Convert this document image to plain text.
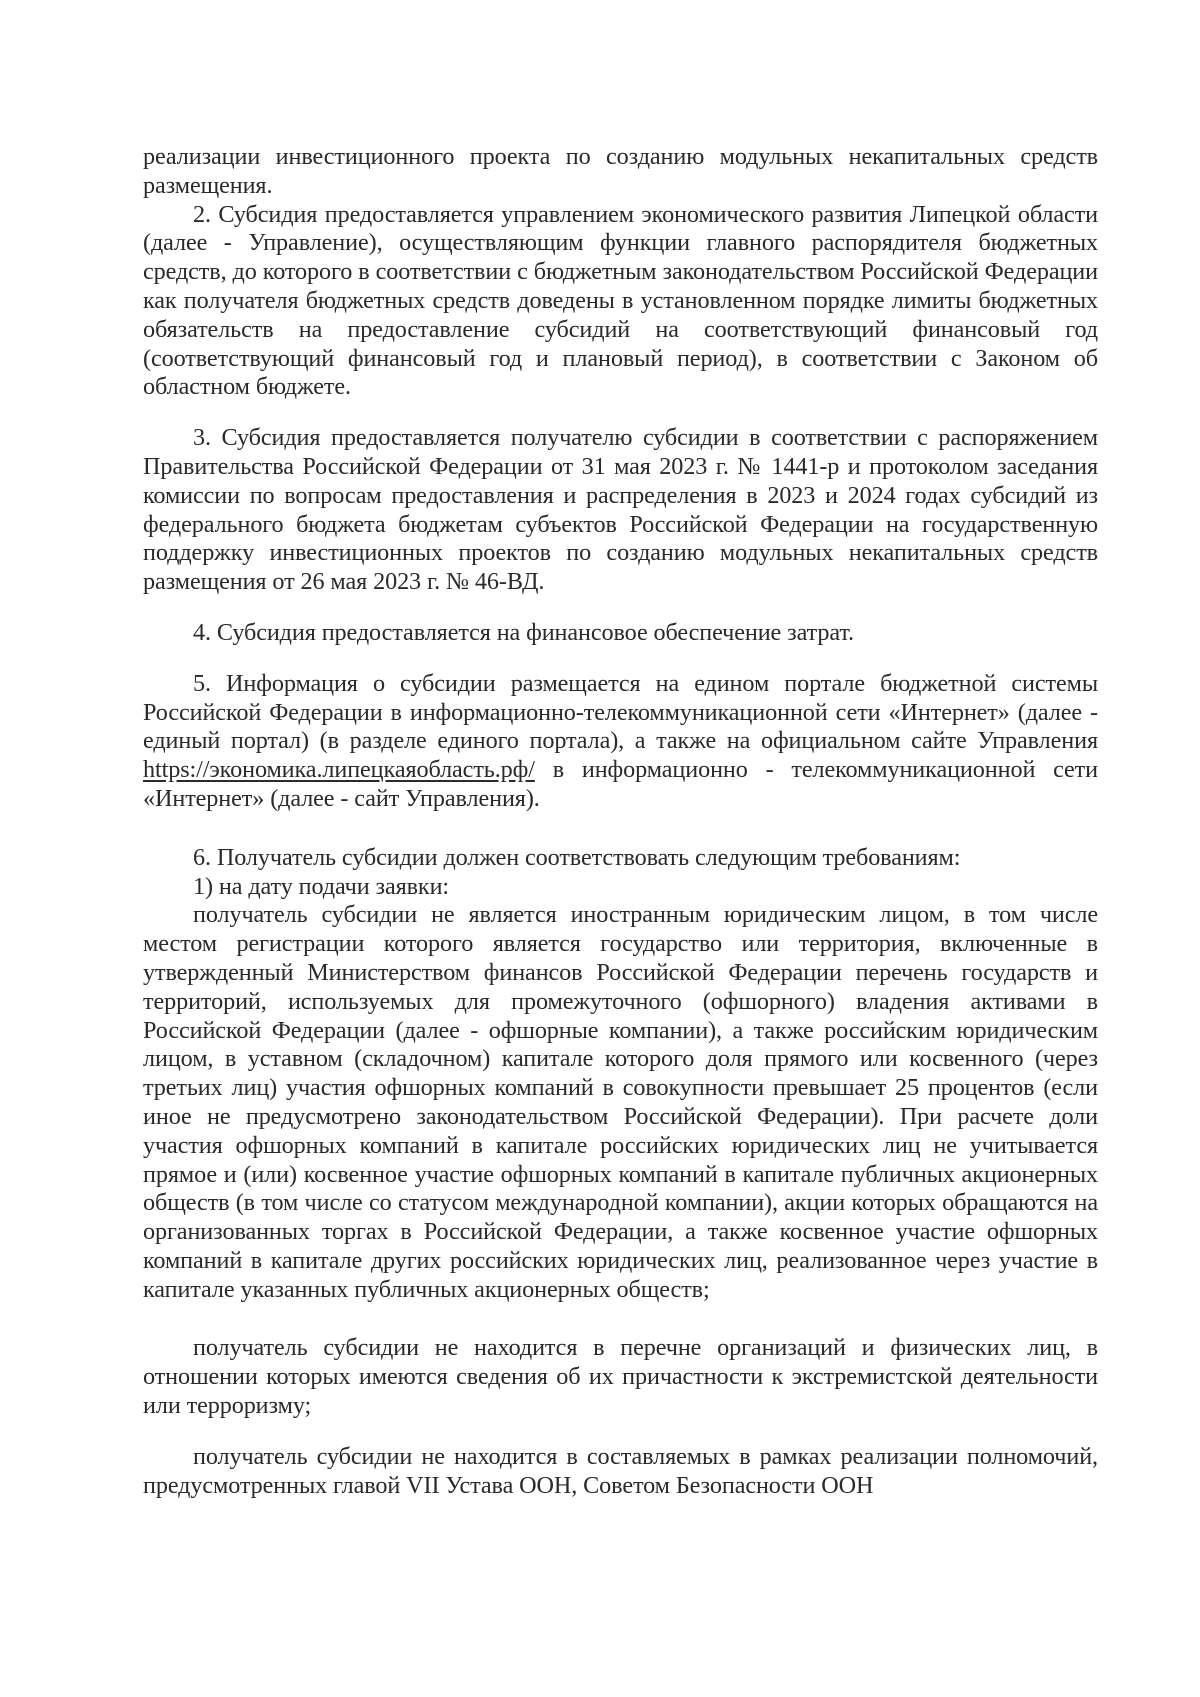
реализации инвестиционного проекта по созданию модульных некапитальных средств размещения.

2. Субсидия предоставляется управлением экономического развития Липецкой области (далее - Управление), осуществляющим функции главного распорядителя бюджетных средств, до которого в соответствии с бюджетным законодательством Российской Федерации как получателя бюджетных средств доведены в установленном порядке лимиты бюджетных обязательств на предоставление субсидий на соответствующий финансовый год (соответствующий финансовый год и плановый период), в соответствии с Законом об областном бюджете.

3. Субсидия предоставляется получателю субсидии в соответствии с распоряжением Правительства Российской Федерации от 31 мая 2023 г. № 1441-р и протоколом заседания комиссии по вопросам предоставления и распределения в 2023 и 2024 годах субсидий из федерального бюджета бюджетам субъектов Российской Федерации на государственную поддержку инвестиционных проектов по созданию модульных некапитальных средств размещения от 26 мая 2023 г. № 46-ВД.

4. Субсидия предоставляется на финансовое обеспечение затрат.

5. Информация о субсидии размещается на едином портале бюджетной системы Российской Федерации в информационно-телекоммуникационной сети «Интернет» (далее - единый портал) (в разделе единого портала), а также на официальном сайте Управления https://экономика.липецкаяобласть.рф/ в информационно - телекоммуникационной сети «Интернет» (далее - сайт Управления).

6. Получатель субсидии должен соответствовать следующим требованиям:

1) на дату подачи заявки:

получатель субсидии не является иностранным юридическим лицом, в том числе местом регистрации которого является государство или территория, включенные в утвержденный Министерством финансов Российской Федерации перечень государств и территорий, используемых для промежуточного (офшорного) владения активами в Российской Федерации (далее - офшорные компании), а также российским юридическим лицом, в уставном (складочном) капитале которого доля прямого или косвенного (через третьих лиц) участия офшорных компаний в совокупности превышает 25 процентов (если иное не предусмотрено законодательством Российской Федерации). При расчете доли участия офшорных компаний в капитале российских юридических лиц не учитывается прямое и (или) косвенное участие офшорных компаний в капитале публичных акционерных обществ (в том числе со статусом международной компании), акции которых обращаются на организованных торгах в Российской Федерации, а также косвенное участие офшорных компаний в капитале других российских юридических лиц, реализованное через участие в капитале указанных публичных акционерных обществ;

получатель субсидии не находится в перечне организаций и физических лиц, в отношении которых имеются сведения об их причастности к экстремистской деятельности или терроризму;

получатель субсидии не находится в составляемых в рамках реализации полномочий, предусмотренных главой VII Устава ООН, Советом Безопасности ООН
